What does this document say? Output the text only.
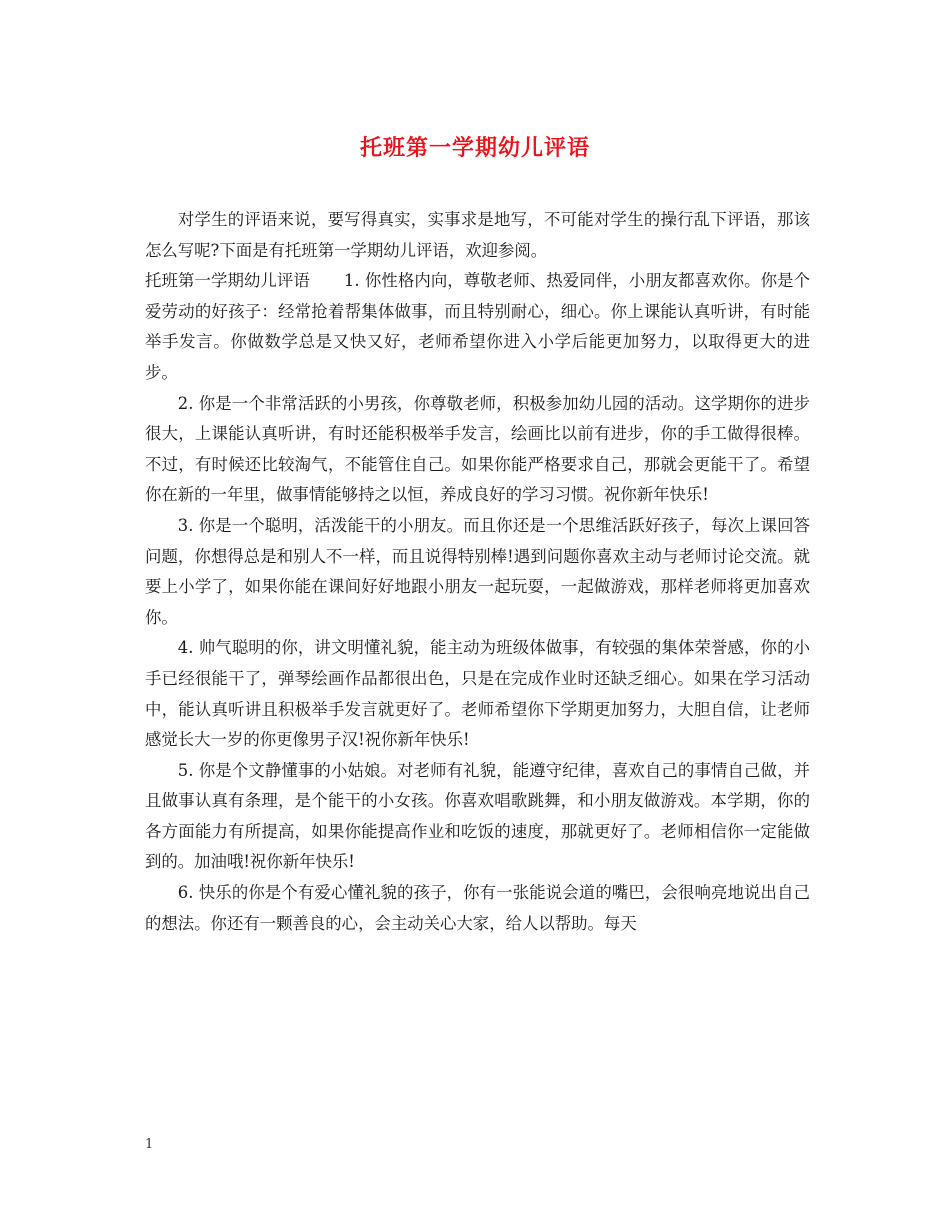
托班第一学期幼儿评语

对学生的评语来说，要写得真实，实事求是地写，不可能对学生的操行乱下评语，那该怎么写呢?下面是有托班第一学期幼儿评语，欢迎参阅。

托班第一学期幼儿评语 1. 你性格内向，尊敬老师、热爱同伴，小朋友都喜欢你。你是个爱劳动的好孩子：经常抢着帮集体做事，而且特别耐心，细心。你上课能认真听讲，有时能举手发言。你做数学总是又快又好，老师希望你进入小学后能更加努力，以取得更大的进步。

2. 你是一个非常活跃的小男孩，你尊敬老师，积极参加幼儿园的活动。这学期你的进步很大，上课能认真听讲，有时还能积极举手发言，绘画比以前有进步，你的手工做得很棒。不过，有时候还比较淘气，不能管住自己。如果你能严格要求自己，那就会更能干了。希望你在新的一年里，做事情能够持之以恒，养成良好的学习习惯。祝你新年快乐!

3. 你是一个聪明，活泼能干的小朋友。而且你还是一个思维活跃好孩子，每次上课回答问题，你想得总是和别人不一样，而且说得特别棒!遇到问题你喜欢主动与老师讨论交流。就要上小学了，如果你能在课间好好地跟小朋友一起玩耍，一起做游戏，那样老师将更加喜欢你。

4. 帅气聪明的你，讲文明懂礼貌，能主动为班级体做事，有较强的集体荣誉感，你的小手已经很能干了，弹琴绘画作品都很出色，只是在完成作业时还缺乏细心。如果在学习活动中，能认真听讲且积极举手发言就更好了。老师希望你下学期更加努力，大胆自信，让老师感觉长大一岁的你更像男子汉!祝你新年快乐!

5. 你是个文静懂事的小姑娘。对老师有礼貌，能遵守纪律，喜欢自己的事情自己做，并且做事认真有条理，是个能干的小女孩。你喜欢唱歌跳舞，和小朋友做游戏。本学期，你的各方面能力有所提高，如果你能提高作业和吃饭的速度，那就更好了。老师相信你一定能做到的。加油哦!祝你新年快乐!

6. 快乐的你是个有爱心懂礼貌的孩子，你有一张能说会道的嘴巴，会很响亮地说出自己的想法。你还有一颗善良的心，会主动关心大家，给人以帮助。每天

1
